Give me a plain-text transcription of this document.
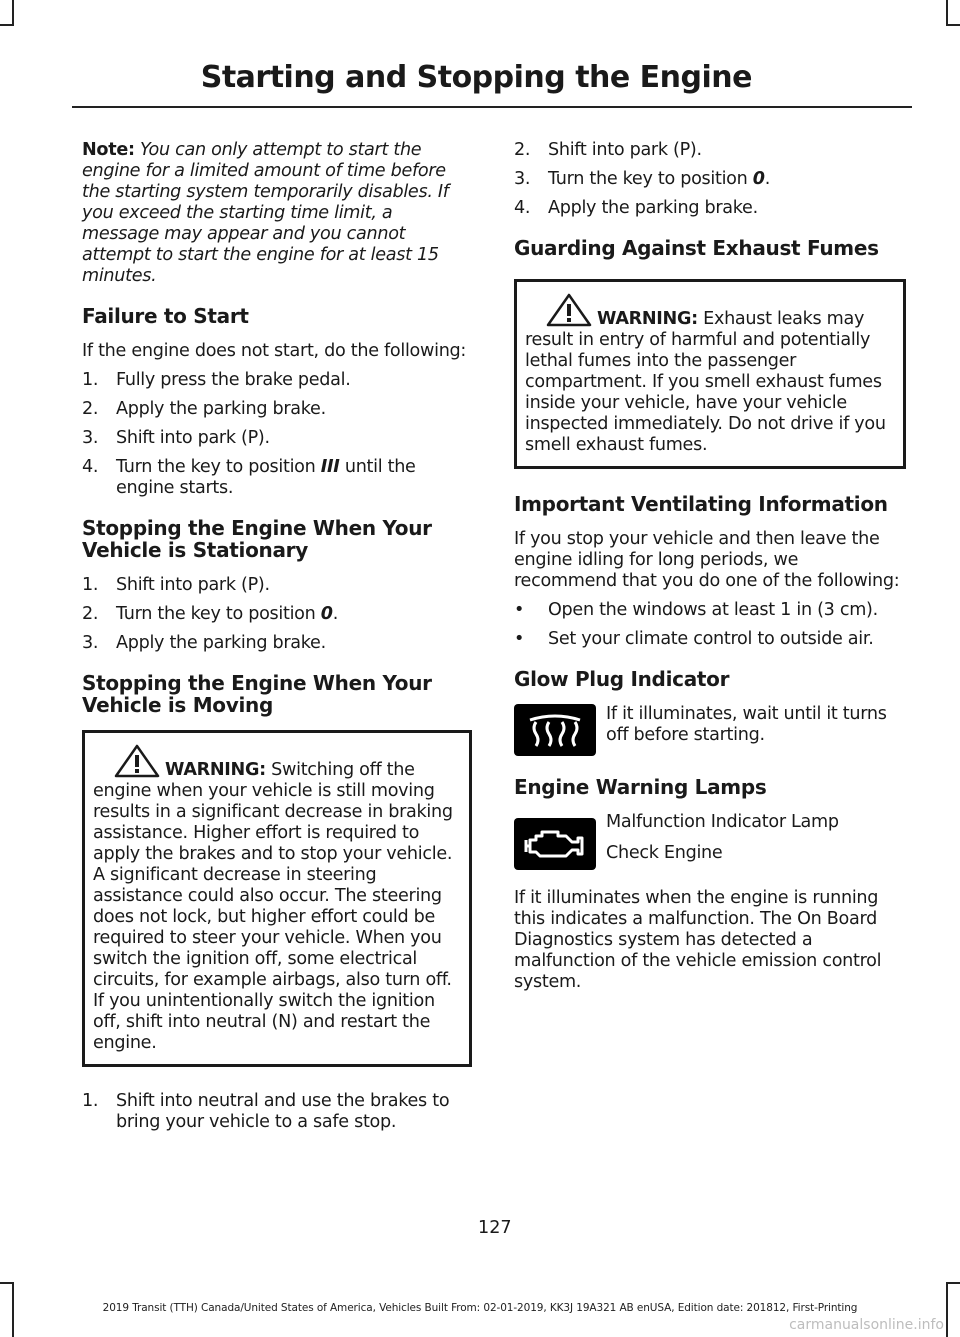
Starting and Stopping the Engine

Note: You can only attempt to start the engine for a limited amount of time before the starting system temporarily disables. If you exceed the starting time limit, a message may appear and you cannot attempt to start the engine for at least 15 minutes.

Failure to Start

If the engine does not start, do the following:

1.	Fully press the brake pedal.
2.	Apply the parking brake.
3.	Shift into park (P).
4.	Turn the key to position III until the engine starts.
Stopping the Engine When Your Vehicle is Stationary
1.	Shift into park (P).
2.	Turn the key to position 0.
3.	Apply the parking brake.
Stopping the Engine When Your Vehicle is Moving
WARNING: Switching off the engine when your vehicle is still moving results in a significant decrease in braking assistance. Higher effort is required to apply the brakes and to stop your vehicle. A significant decrease in steering assistance could also occur. The steering does not lock, but higher effort could be required to steer your vehicle. When you switch the ignition off, some electrical circuits, for example airbags, also turn off. If you unintentionally switch the ignition off, shift into neutral (N) and restart the engine.
1.	Shift into neutral and use the brakes to bring your vehicle to a safe stop.
2.	Shift into park (P).
3.	Turn the key to position 0.
4.	Apply the parking brake.
Guarding Against Exhaust Fumes
WARNING: Exhaust leaks may result in entry of harmful and potentially lethal fumes into the passenger compartment. If you smell exhaust fumes inside your vehicle, have your vehicle inspected immediately. Do not drive if you smell exhaust fumes.
Important Ventilating Information

If you stop your vehicle and then leave the engine idling for long periods, we recommend that you do one of the following:

•	Open the windows at least 1 in (3 cm).
•	Set your climate control to outside air.
Glow Plug Indicator

If it illuminates, wait until it turns off before starting.

Engine Warning Lamps

Malfunction Indicator Lamp

Check Engine

If it illuminates when the engine is running this indicates a malfunction. The On Board Diagnostics system has detected a malfunction of the vehicle emission control system.

127
2019 Transit (TTH) Canada/United States of America, Vehicles Built From: 02-01-2019, KK3J 19A321 AB enUSA, Edition date: 201812, First-Printing
carmanualsonline.info
